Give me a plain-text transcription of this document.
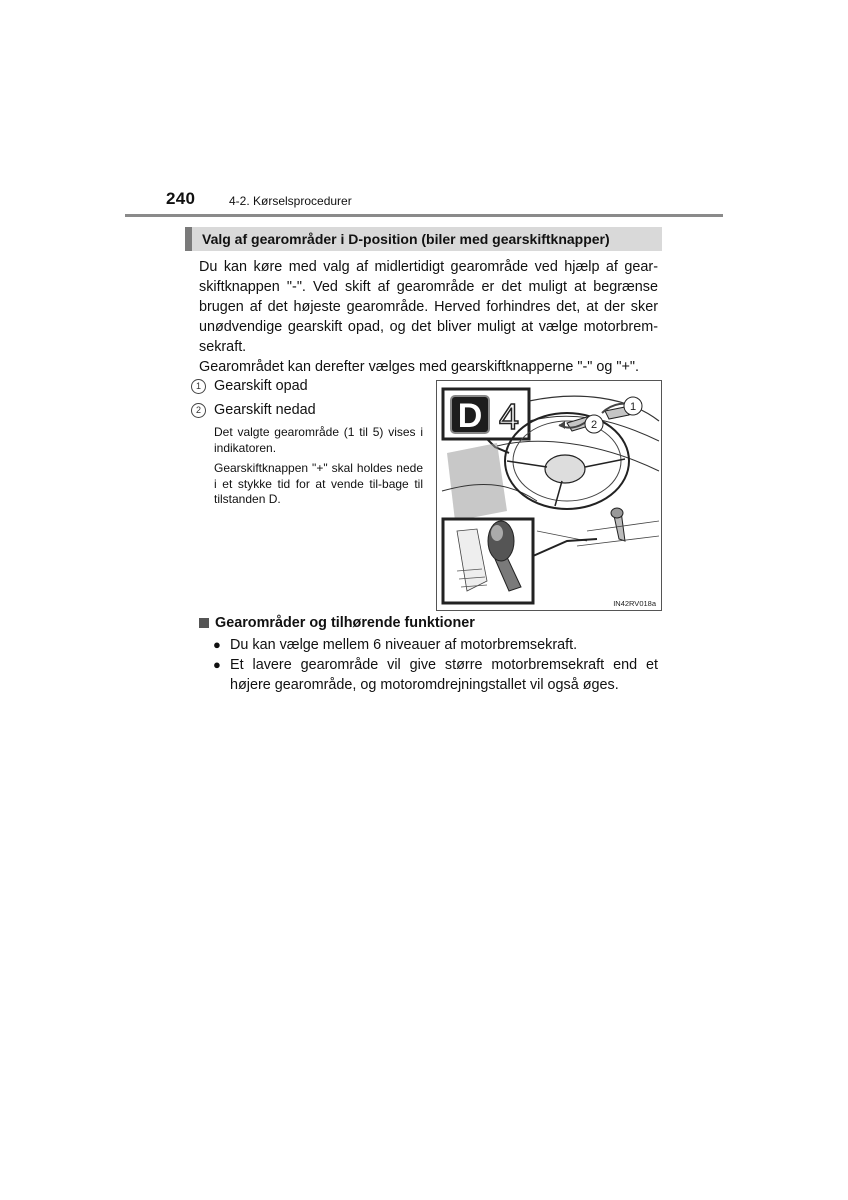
240	4-2. Kørselsprocedurer
Valg af gearområder i D-position (biler med gearskiftknapper)

Du kan køre med valg af midlertidigt gearområde ved hjælp af gear-skiftknappen "-". Ved skift af gearområde er det muligt at begrænse brugen af det højeste gearområde. Herved forhindres det, at der sker unødvendige gearskift opad, og det bliver muligt at vælge motorbrem-sekraft.

Gearområdet kan derefter vælges med gearskiftknapperne "-" og "+".

1 Gearskift opad
2 Gearskift nedad
Det valgte gearområde (1 til 5) vises i indikatoren.
Gearskiftknappen "+" skal holdes nede i et stykke tid for at vende til-bage til tilstanden D.
D 4	1
2
IN42RV018a
Gearområder og tilhørende funktioner
● Du kan vælge mellem 6 niveauer af motorbremsekraft.
● Et lavere gearområde vil give større motorbremsekraft end et højere gearområde, og motoromdrejningstallet vil også øges.
